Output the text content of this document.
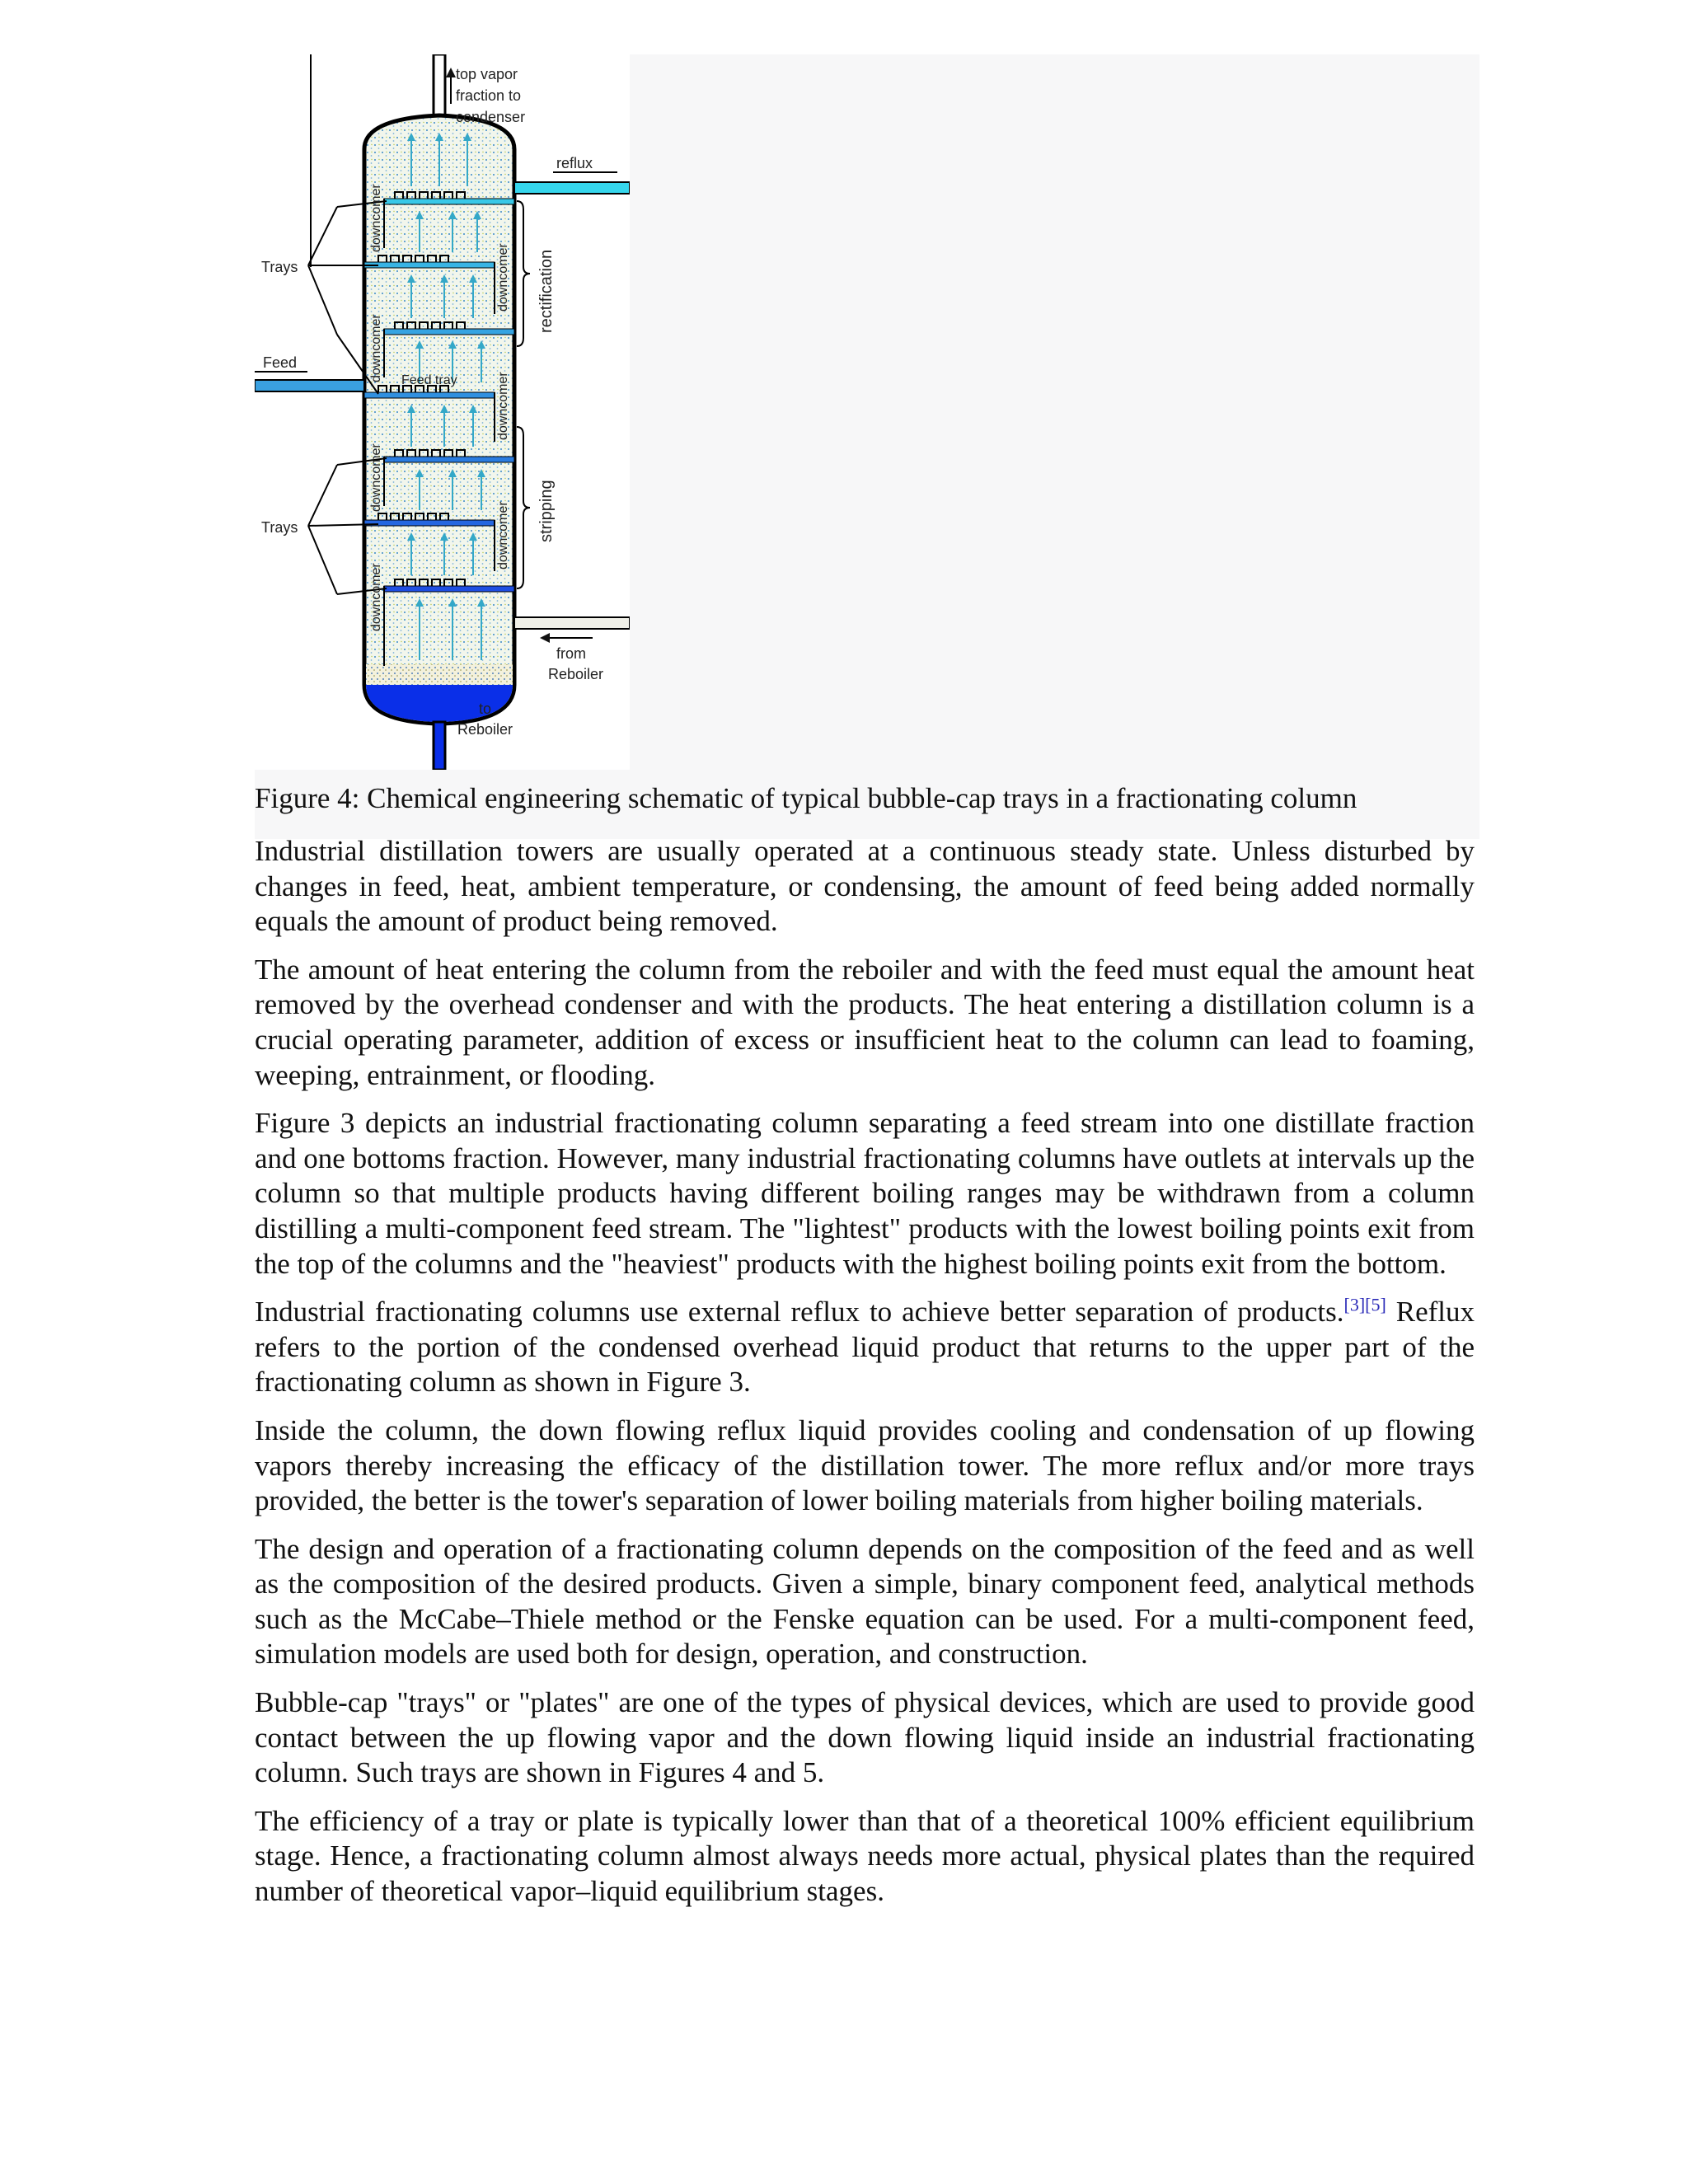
top vapor
fraction to
condenser
reflux
Trays
Feed
Feed tray
Trays
from
Reboiler
to
Reboiler
downcomer
downcomer
downcomer
downcomer
downcomer
downcomer
downcomer
rectification
stripping
Figure 4: Chemical engineering schematic of typical bubble-cap trays in a fractionating column

Industrial distillation towers are usually operated at a continuous steady state. Unless disturbed by changes in feed, heat, ambient temperature, or condensing, the amount of feed being added normally equals the amount of product being removed.

The amount of heat entering the column from the reboiler and with the feed must equal the amount heat removed by the overhead condenser and with the products. The heat entering a distillation column is a crucial operating parameter, addition of excess or insufficient heat to the column can lead to foaming, weeping, entrainment, or flooding.

Figure 3 depicts an industrial fractionating column separating a feed stream into one distillate fraction and one bottoms fraction. However, many industrial fractionating columns have outlets at intervals up the column so that multiple products having different boiling ranges may be withdrawn from a column distilling a multi-component feed stream. The "lightest" products with the lowest boiling points exit from the top of the columns and the "heaviest" products with the highest boiling points exit from the bottom.

Industrial fractionating columns use external reflux to achieve better separation of products.[3][5] Reflux refers to the portion of the condensed overhead liquid product that returns to the upper part of the fractionating column as shown in Figure 3.

Inside the column, the down flowing reflux liquid provides cooling and condensation of up flowing vapors thereby increasing the efficacy of the distillation tower. The more reflux and/or more trays provided, the better is the tower's separation of lower boiling materials from higher boiling materials.

The design and operation of a fractionating column depends on the composition of the feed and as well as the composition of the desired products. Given a simple, binary component feed, analytical methods such as the McCabe–Thiele method or the Fenske equation can be used. For a multi-component feed, simulation models are used both for design, operation, and construction.

Bubble-cap "trays" or "plates" are one of the types of physical devices, which are used to provide good contact between the up flowing vapor and the down flowing liquid inside an industrial fractionating column. Such trays are shown in Figures 4 and 5.

The efficiency of a tray or plate is typically lower than that of a theoretical 100% efficient equilibrium stage. Hence, a fractionating column almost always needs more actual, physical plates than the required number of theoretical vapor–liquid equilibrium stages.
